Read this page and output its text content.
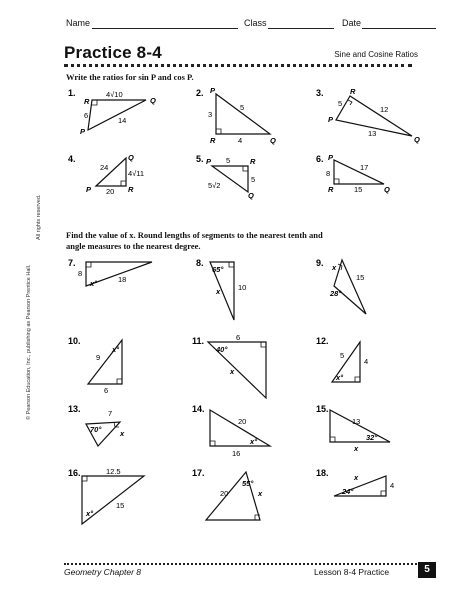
Name	Class	Date
Practice 8-4	Sine and Cosine Ratios
Write the ratios for sin P and cos P.
© Pearson Education, Inc., publishing as Pearson Prentice Hall.
All rights reserved.
1.
R
4√10
Q
6
14
P
2. P
5
3
R	4	Q
3.	R
5
12
P
13
Q
4.
24
Q
4√11
P 20 R
5. P 5	R
5
5√2
Q
6. P
17
8
R	15	Q
Find the value of x. Round lengths of segments to the nearest tenth and
angle measures to the nearest degree.
7.
8
18
x°
8.
65°
x 10
9. x
15
28°
10.
x°
9
6
11.	6
40°
x
12.
5
4
x°
13.	7
70° x
14.
20
x°
16
15.
13
32°
x
16.	12.5
x°
15
17.
20
55°
x
18.	x
4
24°
Geometry Chapter 8	Lesson 8-4 Practice	5
